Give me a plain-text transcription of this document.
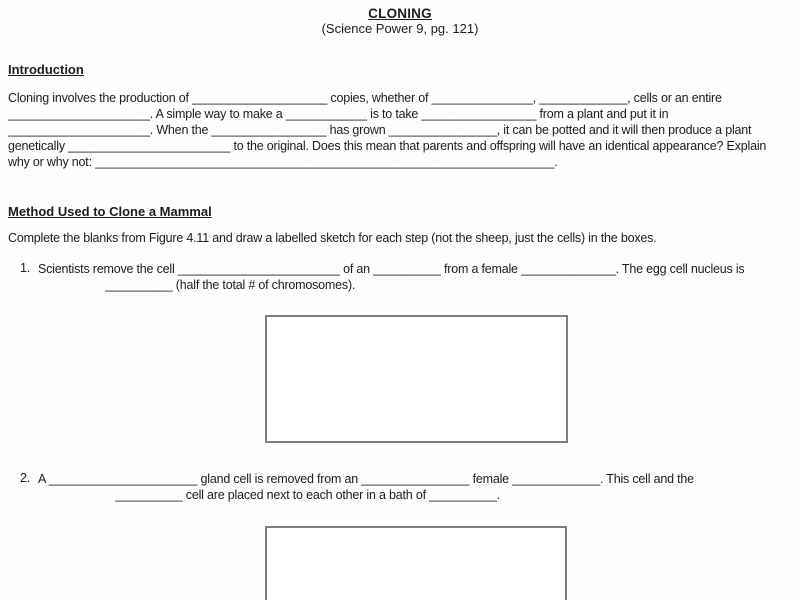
CLONING
(Science Power 9, pg. 121)
Introduction
Cloning involves the production of ____________________ copies, whether of _______________, _____________, cells or an entire
_____________________. A simple way to make a ____________ is to take _________________ from a plant and put it in
_____________________. When the _________________ has grown ________________, it can be potted and it will then produce a plant
genetically ________________________ to the original. Does this mean that parents and offspring will have an identical appearance? Explain
why or why not: ____________________________________________________________________.
Method Used to Clone a Mammal
Complete the blanks from Figure 4.11 and draw a labelled sketch for each step (not the sheep, just the cells) in the boxes.
1. Scientists remove the cell ________________________ of an __________ from a female ______________. The egg cell nucleus is
__________ (half the total # of chromosomes).
2. A ______________________ gland cell is removed from an ________________ female _____________. This cell and the
__________ cell are placed next to each other in a bath of __________.
